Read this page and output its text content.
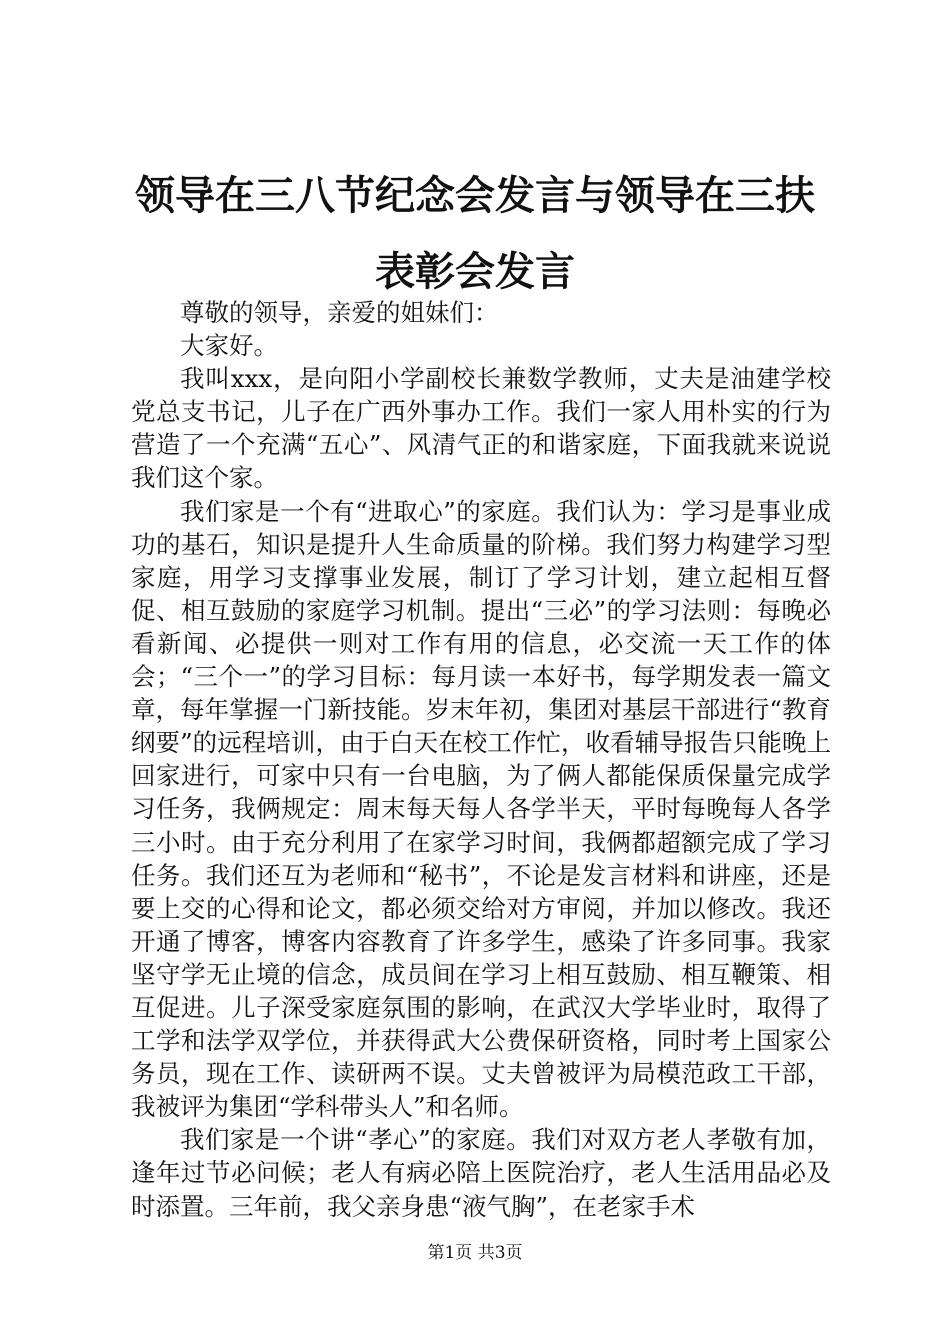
领导在三八节纪念会发言与领导在三扶表彰会发言

尊敬的领导，亲爱的姐妹们：

大家好。

我叫xxx，是向阳小学副校长兼数学教师，丈夫是油建学校党总支书记，儿子在广西外事办工作。我们一家人用朴实的行为营造了一个充满“五心”、风清气正的和谐家庭，下面我就来说说我们这个家。

我们家是一个有“进取心”的家庭。我们认为：学习是事业成功的基石，知识是提升人生命质量的阶梯。我们努力构建学习型家庭，用学习支撑事业发展，制订了学习计划，建立起相互督促、相互鼓励的家庭学习机制。提出“三必”的学习法则：每晚必看新闻、必提供一则对工作有用的信息，必交流一天工作的体会；“三个一”的学习目标：每月读一本好书，每学期发表一篇文章，每年掌握一门新技能。岁末年初，集团对基层干部进行“教育纲要”的远程培训，由于白天在校工作忙，收看辅导报告只能晚上回家进行，可家中只有一台电脑，为了俩人都能保质保量完成学习任务，我俩规定：周末每天每人各学半天，平时每晚每人各学三小时。由于充分利用了在家学习时间，我俩都超额完成了学习任务。我们还互为老师和“秘书”，不论是发言材料和讲座，还是要上交的心得和论文，都必须交给对方审阅，并加以修改。我还开通了博客，博客内容教育了许多学生，感染了许多同事。我家坚守学无止境的信念，成员间在学习上相互鼓励、相互鞭策、相互促进。儿子深受家庭氛围的影响，在武汉大学毕业时，取得了工学和法学双学位，并获得武大公费保研资格，同时考上国家公务员，现在工作、读研两不误。丈夫曾被评为局模范政工干部，我被评为集团“学科带头人”和名师。

我们家是一个讲“孝心”的家庭。我们对双方老人孝敬有加，逢年过节必问候；老人有病必陪上医院治疗，老人生活用品必及时添置。三年前，我父亲身患“液气胸”，在老家手术

第1页 共3页
